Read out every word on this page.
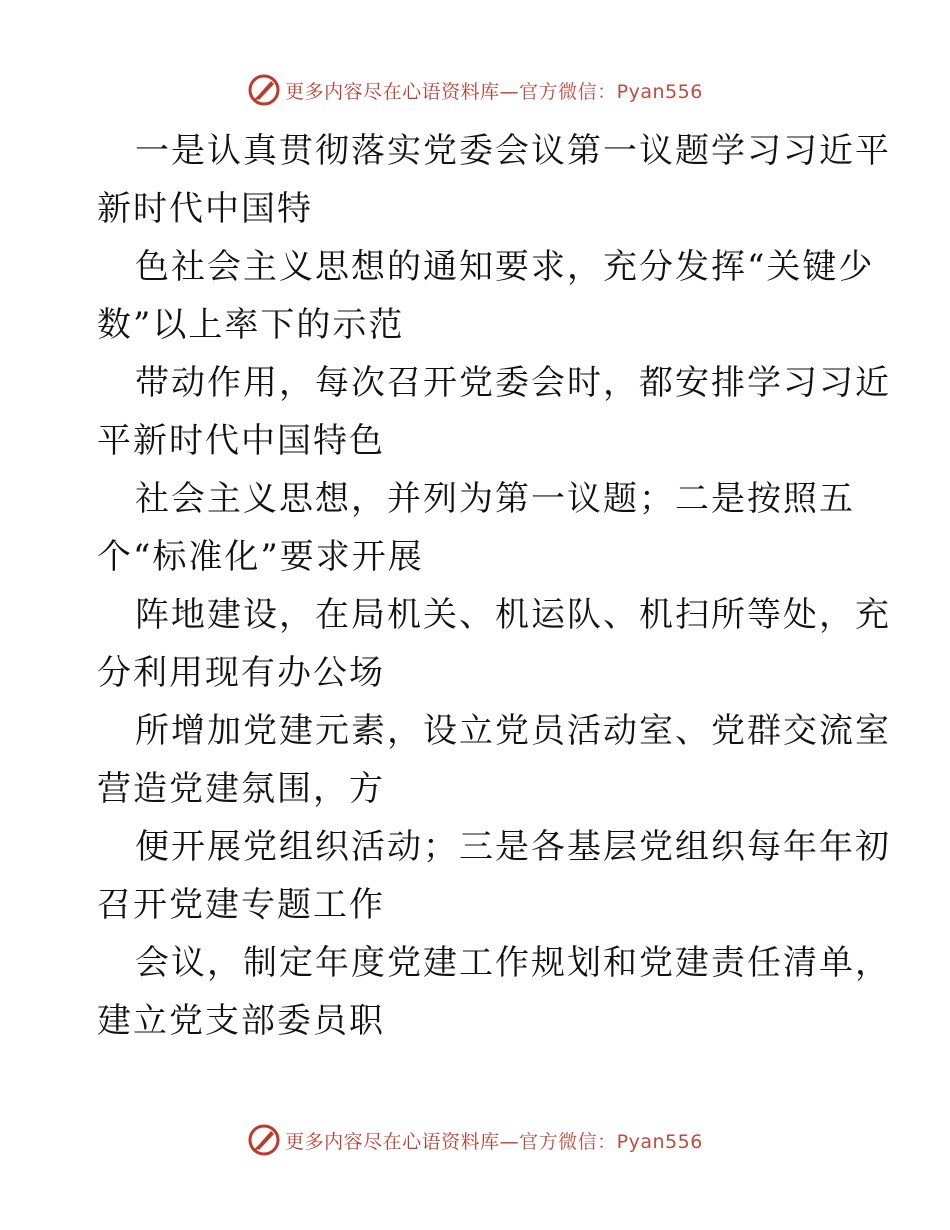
更多内容尽在心语资料库—官方微信：Pyan556

一是认真贯彻落实党委会议第一议题学习习近平
新时代中国特

色社会主义思想的通知要求，充分发挥“关键少
数”以上率下的示范

带动作用，每次召开党委会时，都安排学习习近
平新时代中国特色

社会主义思想，并列为第一议题；二是按照五
个“标准化”要求开展

阵地建设，在局机关、机运队、机扫所等处，充
分利用现有办公场

所增加党建元素，设立党员活动室、党群交流室
营造党建氛围，方

便开展党组织活动；三是各基层党组织每年年初
召开党建专题工作

会议，制定年度党建工作规划和党建责任清单，
建立党支部委员职

更多内容尽在心语资料库—官方微信：Pyan556
